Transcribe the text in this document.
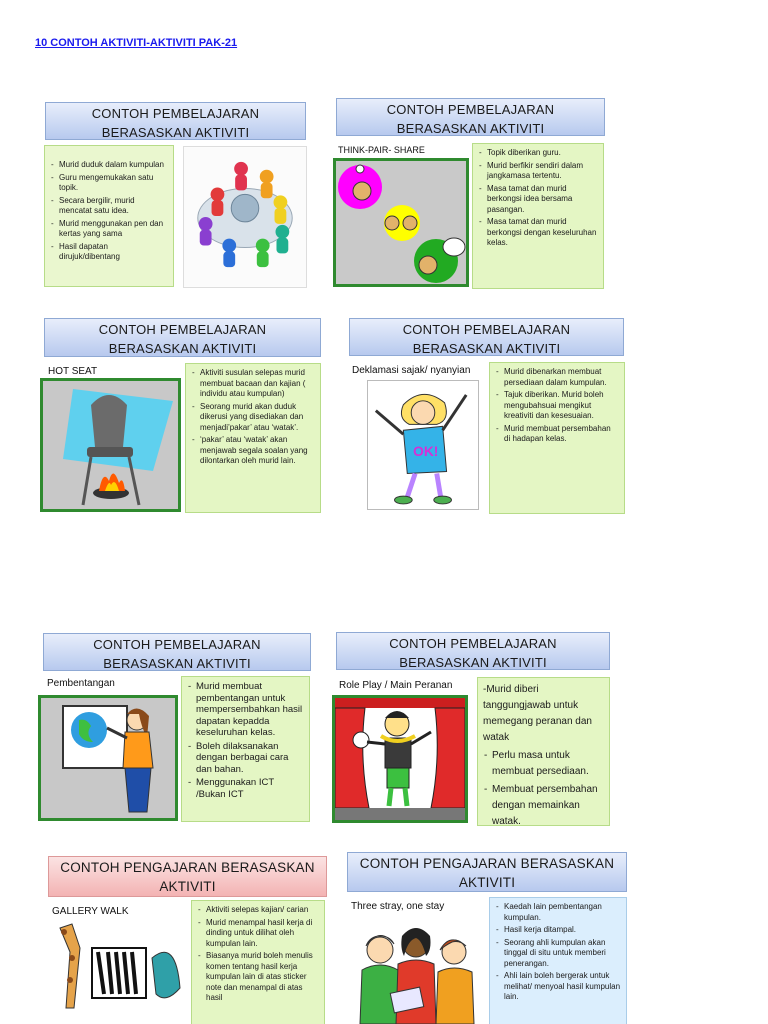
10 CONTOH AKTIVITI-AKTIVITI PAK-21
CONTOH PEMBELAJARAN
BERASASKAN AKTIVITI
- Murid duduk dalam kumpulan
- Guru mengemukakan satu topik.
- Secara bergilir, murid mencatat satu idea.
- Murid menggunakan pen dan kertas yang sama
- Hasil dapatan dirujuk/dibentang
CONTOH PEMBELAJARAN
BERASASKAN AKTIVITI
THINK-PAIR- SHARE	- Topik diberikan guru.
- Murid berfikir sendiri dalam jangkamasa tertentu.
- Masa tamat dan murid berkongsi idea bersama pasangan.
- Masa tamat dan murid berkongsi dengan keseluruhan kelas.
CONTOH PEMBELAJARAN
BERASASKAN AKTIVITI
HOT SEAT	- Aktiviti susulan selepas murid membuat bacaan dan kajian ( individu atau kumpulan)
- Seorang murid akan duduk dikerusi yang disediakan dan menjadi’pakar’ atau ‘watak’.
- ‘pakar’ atau ‘watak’ akan menjawab segala soalan yang dilontarkan oleh murid lain.
CONTOH PEMBELAJARAN
BERASASKAN AKTIVITI
Deklamasi sajak/ nyanyian
OK!
- Murid dibenarkan membuat persediaan dalam kumpulan.
- Tajuk diberikan. Murid boleh mengubahsuai mengikut kreativiti dan kesesuaian.
- Murid membuat persembahan di hadapan kelas.
CONTOH PEMBELAJARAN
BERASASKAN AKTIVITI
Pembentangan	- Murid membuat pembentangan untuk mempersembahkan hasil dapatan kepadda keseluruhan kelas.
- Boleh dilaksanakan dengan berbagai cara dan bahan.
- Menggunakan ICT /Bukan ICT
CONTOH PEMBELAJARAN
BERASASKAN AKTIVITI
Role Play / Main Peranan	-Murid diberi tanggungjawab untuk memegang peranan dan watak
- Perlu masa untuk membuat persediaan.
- Membuat persembahan dengan memainkan watak.
CONTOH PENGAJARAN BERASASKAN
AKTIVITI
GALLERY WALK	- Aktiviti selepas kajian/ carian
- Murid menampal hasil kerja di dinding untuk dilihat oleh kumpulan lain.
- Biasanya murid boleh menulis komen tentang hasil kerja kumpulan lain di atas sticker note dan menampal di atas hasil
CONTOH PENGAJARAN BERASASKAN
AKTIVITI
Three stray, one stay	- Kaedah lain pembentangan kumpulan.
- Hasil kerja ditampal.
- Seorang ahli kumpulan akan tinggal di situ untuk memberi penerangan.
- Ahli lain boleh bergerak untuk melihat/ menyoal hasil kumpulan lain.
